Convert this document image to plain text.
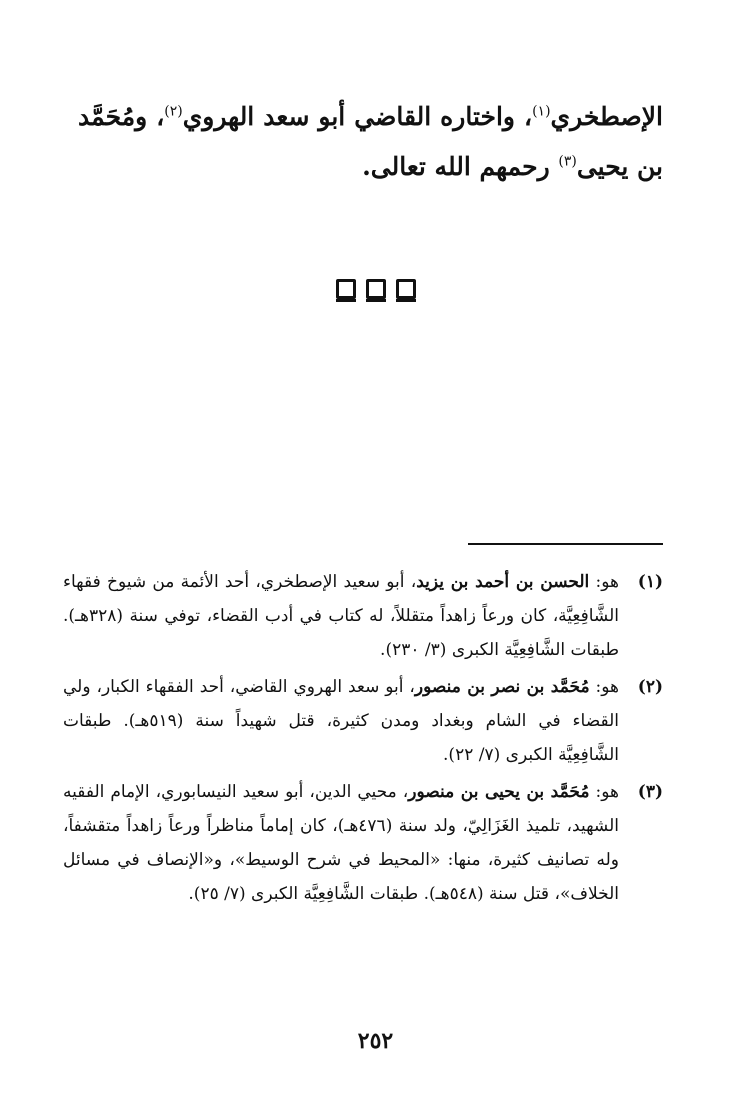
الإصطخري$^{(١)}$، واختاره القاضي أبو سعد الهروي$^{(٢)}$، ومُحَمَّد بن يحيى$^{(٣)}$ رحمهم الله تعالى.
(١)
هو: الحسن بن أحمد بن يزيد، أبو سعيد الإصطخري، أحد الأئمة من شيوخ فقهاء الشَّافِعِيَّة، كان ورعاً زاهداً متقللاً، له كتاب في أدب القضاء، توفي سنة (٣٢٨هـ). طبقات الشَّافِعِيَّة الكبرى (٣/ ٢٣٠).
(٢)
هو: مُحَمَّد بن نصر بن منصور، أبو سعد الهروي القاضي، أحد الفقهاء الكبار، ولي القضاء في الشام وبغداد ومدن كثيرة، قتل شهيداً سنة (٥١٩هـ). طبقات الشَّافِعِيَّة الكبرى (٧/ ٢٢).
(٣)
هو: مُحَمَّد بن يحيى بن منصور، محيي الدين، أبو سعيد النيسابوري، الإمام الفقيه الشهيد، تلميذ الغَزَالِيّ، ولد سنة (٤٧٦هـ)، كان إماماً مناظراً ورعاً زاهداً متقشفاً، وله تصانيف كثيرة، منها: «المحيط في شرح الوسيط»، و«الإنصاف في مسائل الخلاف»، قتل سنة (٥٤٨هـ). طبقات الشَّافِعِيَّة الكبرى (٧/ ٢٥).
٢٥٢
